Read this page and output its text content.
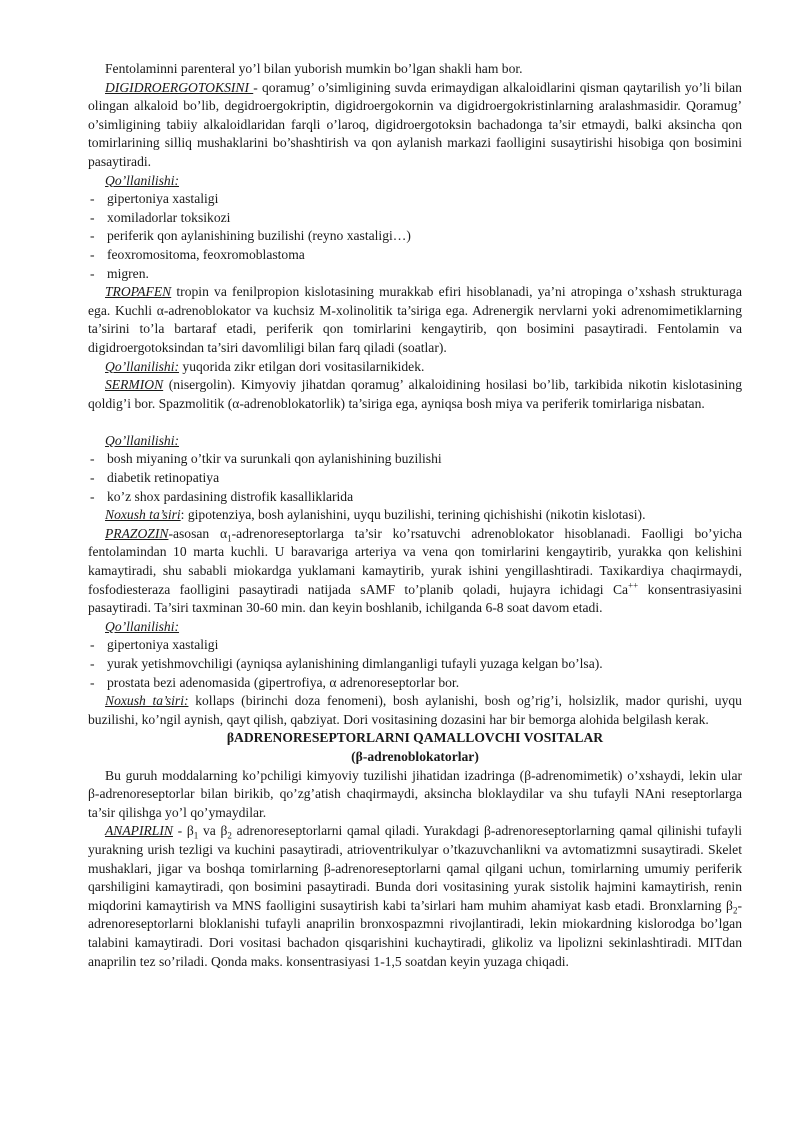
Fentolaminni parenteral yo’l bilan yuborish mumkin bo’lgan shakli ham bor.

DIGIDROERGOTOKSINI - qoramug’ o’simligining suvda erimaydigan alkaloidlarini qisman qaytarilish yo’li bilan olingan alkaloid bo’lib, degidroergokriptin, digidroergokornin va digidroergokristinlarning aralashmasidir. Qoramug’ o’simligining tabiiy alkaloidlaridan farqli o’laroq, digidroergotoksin bachadonga ta’sir etmaydi, balki aksincha qon tomirlarining silliq mushaklarini bo’shashtirish va qon aylanish markazi faolligini susaytirishi hisobiga qon bosimini pasaytiradi.

Qo’llanilishi:

- gipertoniya xastaligi
- xomiladorlar toksikozi
- periferik qon aylanishining buzilishi (reyno xastaligi…)
- feoxromositoma, feoxromoblastoma
- migren.

TROPAFEN tropin va fenilpropion kislotasining murakkab efiri hisoblanadi, ya’ni atropinga o’xshash strukturaga ega. Kuchli α-adrenoblokator va kuchsiz M-xolinolitik ta’siriga ega. Adrenergik nervlarni yoki adrenomimetiklarning ta’sirini to’la bartaraf etadi, periferik qon tomirlarini kengaytirib, qon bosimini pasaytiradi. Fentolamin va digidroergotoksindan ta’siri davomliligi bilan farq qiladi (soatlar).

Qo’llanilishi: yuqorida zikr etilgan dori vositasilarnikidek.

SERMION (nisergolin). Kimyoviy jihatdan qoramug’ alkaloidining hosilasi bo’lib, tarkibida nikotin kislotasining qoldig’i bor. Spazmolitik (α-adrenoblokatorlik) ta’siriga ega, ayniqsa bosh miya va periferik tomirlariga nisbatan.

Qo’llanilishi:

- bosh miyaning o’tkir va surunkali qon aylanishining buzilishi
- diabetik retinopatiya
- ko’z shox pardasining distrofik kasalliklarida

Noxush ta’siri: gipotenziya, bosh aylanishini, uyqu buzilishi, terining qichishishi (nikotin kislotasi).

PRAZOZIN-asosan $\alpha_1$-adrenoreseptorlarga ta’sir ko’rsatuvchi adrenoblokator hisoblanadi. Faolligi bo’yicha fentolamindan 10 marta kuchli. U baravariga arteriya va vena qon tomirlarini kengaytirib, yurakka qon kelishini kamaytiradi, shu sababli miokardga yuklamani kamaytirib, yurak ishini yengillashtiradi. Taxikardiya chaqirmaydi, fosfodiesteraza faolligini pasaytiradi natijada sAMF to’planib qoladi, hujayra ichidagi Ca++ konsentrasiyasini pasaytiradi. Ta’siri taxminan 30-60 min. dan keyin boshlanib, ichilganda 6-8 soat davom etadi.

Qo’llanilishi:

- gipertoniya xastaligi
- yurak yetishmovchiligi (ayniqsa aylanishining dimlanganligi tufayli yuzaga kelgan bo’lsa).
- prostata bezi adenomasida (gipertrofiya, α adrenoreseptorlar bor.

Noxush ta’siri: kollaps (birinchi doza fenomeni), bosh aylanishi, bosh og’rig’i, holsizlik, mador qurishi, uyqu buzilishi, ko’ngil aynish, qayt qilish, qabziyat. Dori vositasining dozasini har bir bemorga alohida belgilash kerak.

βADRENORESEPTORLARNI QAMALLOVCHI VOSITALAR

(β-adrenoblokatorlar)

Bu guruh moddalarning ko’pchiligi kimyoviy tuzilishi jihatidan izadringa (β-adrenomimetik) o’xshaydi, lekin ular β-adrenoreseptorlar bilan birikib, qo’zg’atish chaqirmaydi, aksincha bloklaydilar va shu tufayli NAni reseptorlarga ta’sir qilishga yo’l qo’ymaydilar.

ANAPIRLIN - $\beta_1$ va $\beta_2$ adrenoreseptorlarni qamal qiladi. Yurakdagi β-adrenoreseptorlarning qamal qilinishi tufayli yurakning urish tezligi va kuchini pasaytiradi, atrioventrikulyar o’tkazuvchanlikni va avtomatizmni susaytiradi. Skelet mushaklari, jigar va boshqa tomirlarning β-adrenoreseptorlarni qamal qilgani uchun, tomirlarning umumiy periferik qarshiligini kamaytiradi, qon bosimini pasaytiradi. Bunda dori vositasining yurak sistolik hajmini kamaytirish, renin miqdorini kamaytirish va MNS faolligini susaytirish kabi ta’sirlari ham muhim ahamiyat kasb etadi. Bronxlarning $\beta_2$-adrenoreseptorlarni bloklanishi tufayli anaprilin bronxospazmni rivojlantiradi, lekin miokardning kislorodga bo’lgan talabini kamaytiradi. Dori vositasi bachadon qisqarishini kuchaytiradi, glikoliz va lipolizni sekinlashtiradi. MITdan anaprilin tez so’riladi. Qonda maks. konsentrasiyasi 1-1,5 soatdan keyin yuzaga chiqadi.
